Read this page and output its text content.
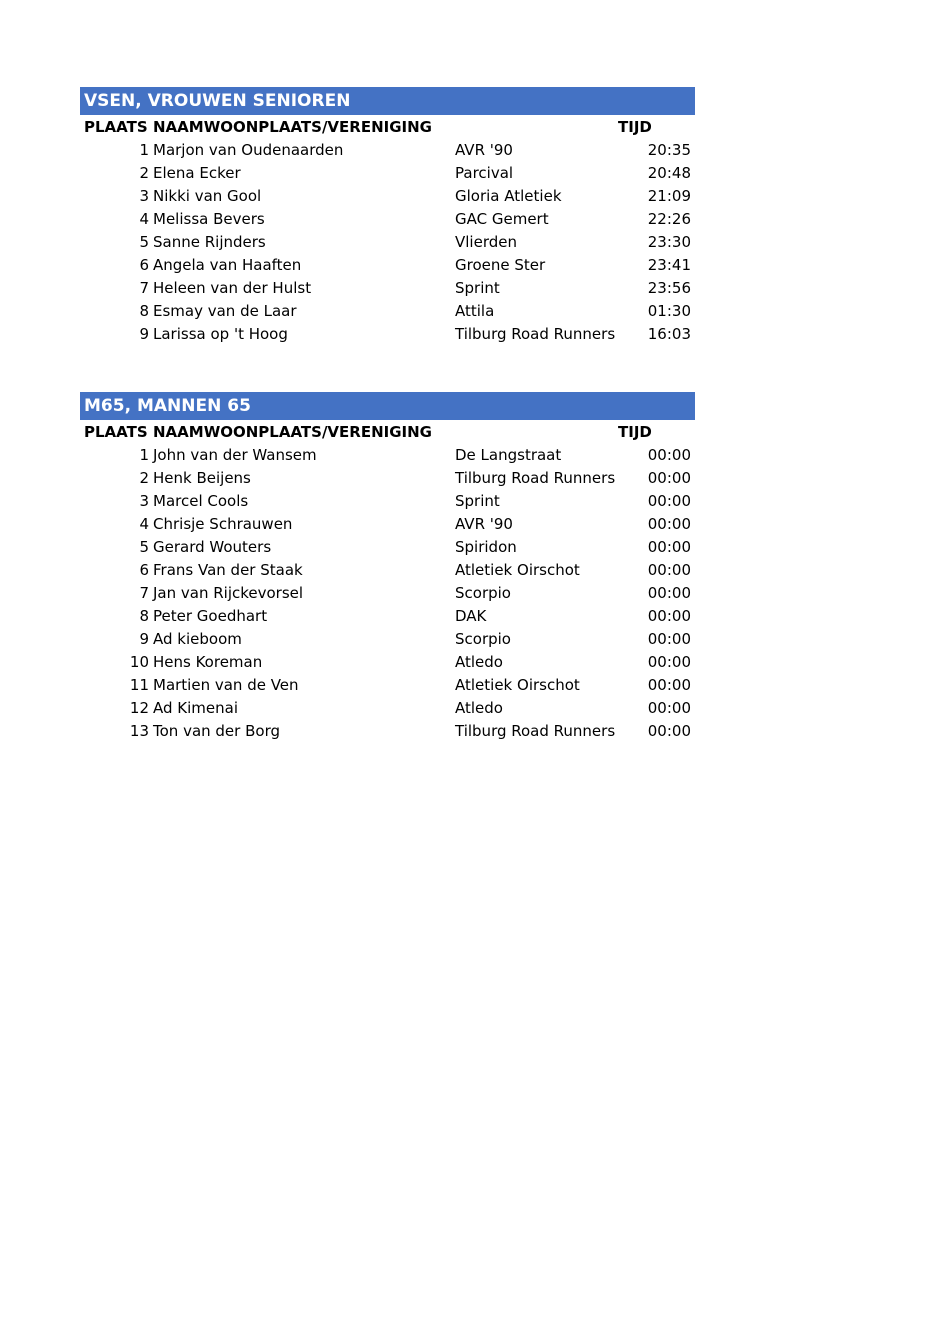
VSEN, VROUWEN SENIOREN
PLAATS NAAMWOONPLAATS/VERENIGING	TIJD
1 Marjon van Oudenaarden	AVR '90	20:35
2 Elena Ecker	Parcival	20:48
3 Nikki van Gool	Gloria Atletiek	21:09
4 Melissa Bevers	GAC Gemert	22:26
5 Sanne Rijnders	Vlierden	23:30
6 Angela van Haaften	Groene Ster	23:41
7 Heleen van der Hulst	Sprint	23:56
8 Esmay van de Laar	Attila	01:30
9 Larissa op 't Hoog	Tilburg Road Runners 16:03
M65, MANNEN 65
PLAATS NAAMWOONPLAATS/VERENIGING	TIJD
1 John van der Wansem	De Langstraat	00:00
2 Henk Beijens	Tilburg Road Runners 00:00
3 Marcel Cools	Sprint	00:00
4 Chrisje Schrauwen	AVR '90	00:00
5 Gerard Wouters	Spiridon	00:00
6 Frans Van der Staak	Atletiek Oirschot	00:00
7 Jan van Rijckevorsel	Scorpio	00:00
8 Peter Goedhart	DAK	00:00
9 Ad kieboom	Scorpio	00:00
10 Hens Koreman	Atledo	00:00
11 Martien van de Ven	Atletiek Oirschot	00:00
12 Ad Kimenai	Atledo	00:00
13 Ton van der Borg	Tilburg Road Runners 00:00
